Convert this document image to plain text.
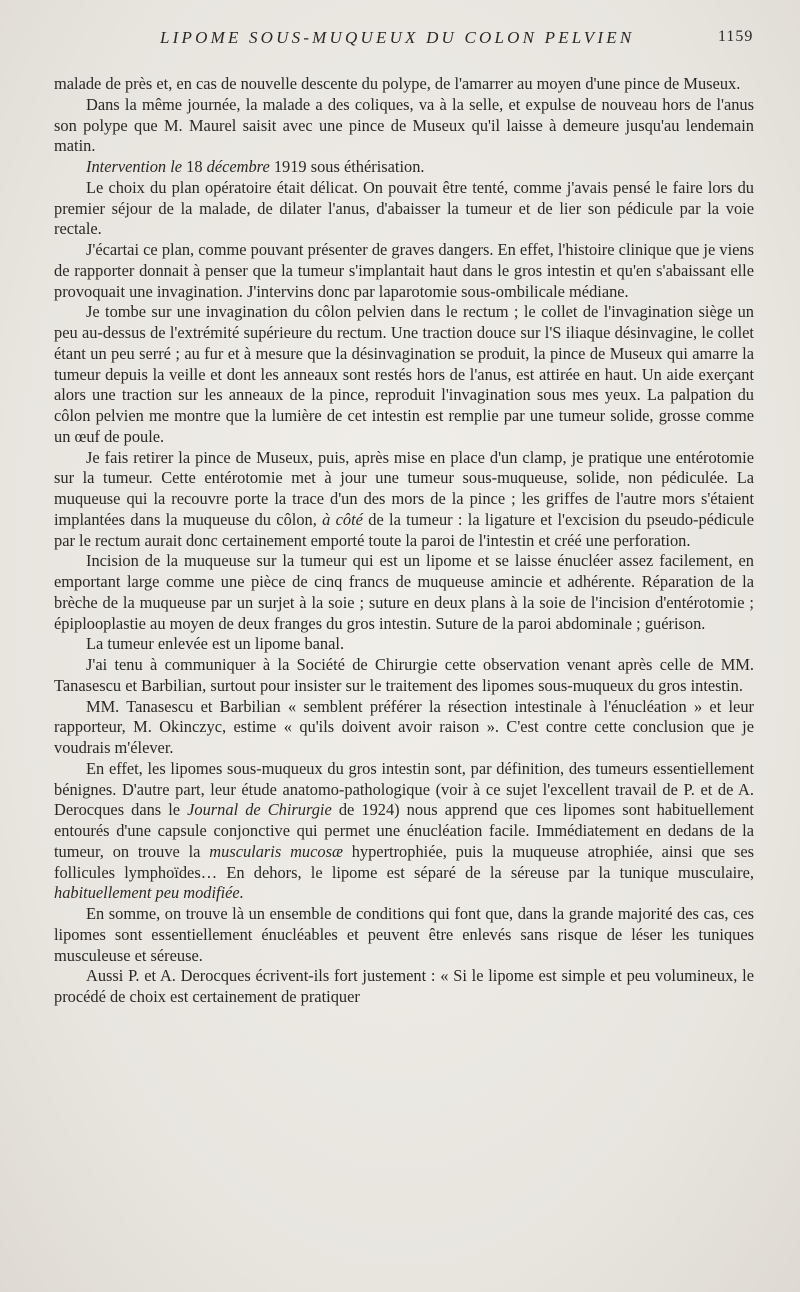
LIPOME SOUS-MUQUEUX DU COLON PELVIEN	1159

malade de près et, en cas de nouvelle descente du polype, de l'amarrer au moyen d'une pince de Museux.

Dans la même journée, la malade a des coliques, va à la selle, et expulse de nouveau hors de l'anus son polype que M. Maurel saisit avec une pince de Museux qu'il laisse à demeure jusqu'au lendemain matin.

Intervention le 18 décembre 1919 sous éthérisation.

Le choix du plan opératoire était délicat. On pouvait être tenté, comme j'avais pensé le faire lors du premier séjour de la malade, de dilater l'anus, d'abaisser la tumeur et de lier son pédicule par la voie rectale.

J'écartai ce plan, comme pouvant présenter de graves dangers. En effet, l'histoire clinique que je viens de rapporter donnait à penser que la tumeur s'implantait haut dans le gros intestin et qu'en s'abaissant elle provoquait une invagination. J'intervins donc par laparotomie sous-ombilicale médiane.

Je tombe sur une invagination du côlon pelvien dans le rectum ; le collet de l'invagination siège un peu au-dessus de l'extrémité supérieure du rectum. Une traction douce sur l'S iliaque désinvagine, le collet étant un peu serré ; au fur et à mesure que la désinvagination se produit, la pince de Museux qui amarre la tumeur depuis la veille et dont les anneaux sont restés hors de l'anus, est attirée en haut. Un aide exerçant alors une traction sur les anneaux de la pince, reproduit l'invagination sous mes yeux. La palpation du côlon pelvien me montre que la lumière de cet intestin est remplie par une tumeur solide, grosse comme un œuf de poule.

Je fais retirer la pince de Museux, puis, après mise en place d'un clamp, je pratique une entérotomie sur la tumeur. Cette entérotomie met à jour une tumeur sous-muqueuse, solide, non pédiculée. La muqueuse qui la recouvre porte la trace d'un des mors de la pince ; les griffes de l'autre mors s'étaient implantées dans la muqueuse du côlon, à côté de la tumeur : la ligature et l'excision du pseudo-pédicule par le rectum aurait donc certainement emporté toute la paroi de l'intestin et créé une perforation.

Incision de la muqueuse sur la tumeur qui est un lipome et se laisse énucléer assez facilement, en emportant large comme une pièce de cinq francs de muqueuse amincie et adhérente. Réparation de la brèche de la muqueuse par un surjet à la soie ; suture en deux plans à la soie de l'incision d'entérotomie ; épiplooplastie au moyen de deux franges du gros intestin. Suture de la paroi abdominale ; guérison.

La tumeur enlevée est un lipome banal.

J'ai tenu à communiquer à la Société de Chirurgie cette observation venant après celle de MM. Tanasescu et Barbilian, surtout pour insister sur le traitement des lipomes sous-muqueux du gros intestin.

MM. Tanasescu et Barbilian « semblent préférer la résection intestinale à l'énucléation » et leur rapporteur, M. Okinczyc, estime « qu'ils doivent avoir raison ». C'est contre cette conclusion que je voudrais m'élever.

En effet, les lipomes sous-muqueux du gros intestin sont, par définition, des tumeurs essentiellement bénignes. D'autre part, leur étude anatomo-pathologique (voir à ce sujet l'excellent travail de P. et de A. Derocques dans le Journal de Chirurgie de 1924) nous apprend que ces lipomes sont habituellement entourés d'une capsule conjonctive qui permet une énucléation facile. Immédiatement en dedans de la tumeur, on trouve la muscularis mucosæ hypertrophiée, puis la muqueuse atrophiée, ainsi que ses follicules lymphoïdes… En dehors, le lipome est séparé de la séreuse par la tunique musculaire, habituellement peu modifiée.

En somme, on trouve là un ensemble de conditions qui font que, dans la grande majorité des cas, ces lipomes sont essentiellement énucléables et peuvent être enlevés sans risque de léser les tuniques musculeuse et séreuse.

Aussi P. et A. Derocques écrivent-ils fort justement : « Si le lipome est simple et peu volumineux, le procédé de choix est certainement de pratiquer
